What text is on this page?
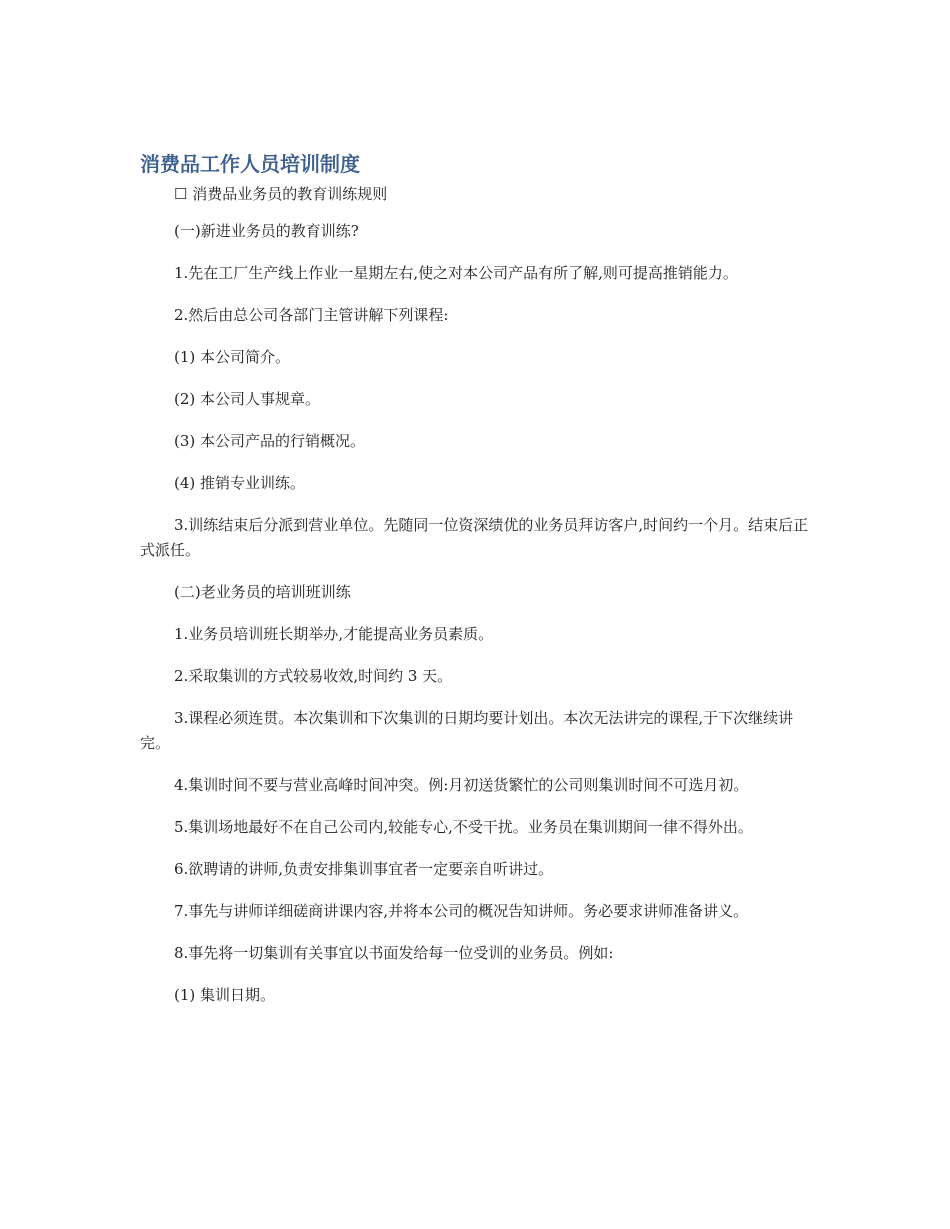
消费品工作人员培训制度

☐ 消费品业务员的教育训练规则

(一)新进业务员的教育训练?

1.先在工厂生产线上作业一星期左右,使之对本公司产品有所了解,则可提高推销能力。

2.然后由总公司各部门主管讲解下列课程:

(1) 本公司简介。

(2) 本公司人事规章。

(3) 本公司产品的行销概况。

(4) 推销专业训练。

3.训练结束后分派到营业单位。先随同一位资深绩优的业务员拜访客户,时间约一个月。结束后正式派任。

(二)老业务员的培训班训练

1.业务员培训班长期举办,才能提高业务员素质。

2.采取集训的方式较易收效,时间约 3 天。

3.课程必须连贯。本次集训和下次集训的日期均要计划出。本次无法讲完的课程,于下次继续讲完。

4.集训时间不要与营业高峰时间冲突。例:月初送货繁忙的公司则集训时间不可选月初。

5.集训场地最好不在自己公司内,较能专心,不受干扰。业务员在集训期间一律不得外出。

6.欲聘请的讲师,负责安排集训事宜者一定要亲自听讲过。

7.事先与讲师详细磋商讲课内容,并将本公司的概况告知讲师。务必要求讲师准备讲义。

8.事先将一切集训有关事宜以书面发给每一位受训的业务员。例如:

(1) 集训日期。
